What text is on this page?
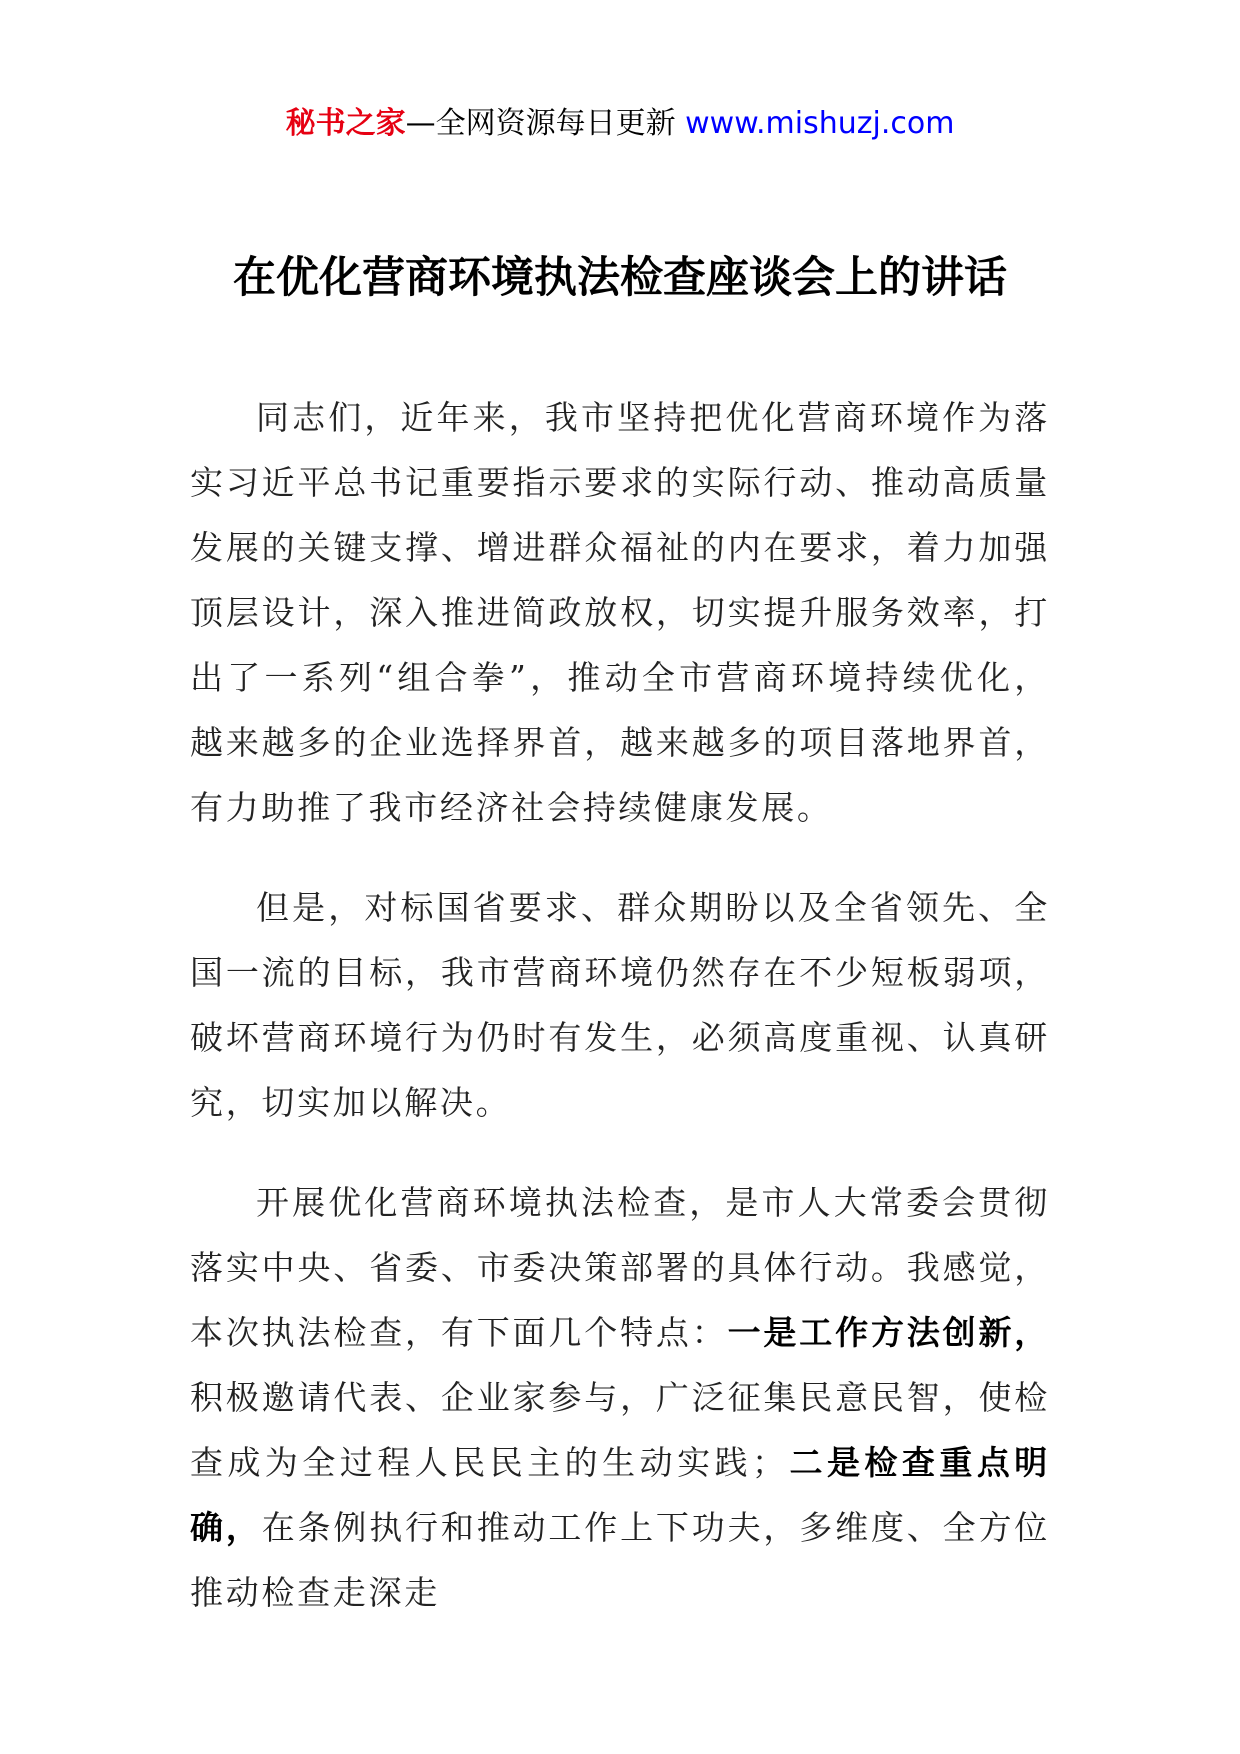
秘书之家—全网资源每日更新 www.mishuzj.com
在优化营商环境执法检查座谈会上的讲话

同志们，近年来，我市坚持把优化营商环境作为落实习近平总书记重要指示要求的实际行动、推动高质量发展的关键支撑、增进群众福祉的内在要求，着力加强顶层设计，深入推进简政放权，切实提升服务效率，打出了一系列“组合拳”，推动全市营商环境持续优化，越来越多的企业选择界首，越来越多的项目落地界首，有力助推了我市经济社会持续健康发展。

但是，对标国省要求、群众期盼以及全省领先、全国一流的目标，我市营商环境仍然存在不少短板弱项，破坏营商环境行为仍时有发生，必须高度重视、认真研究，切实加以解决。

开展优化营商环境执法检查，是市人大常委会贯彻落实中央、省委、市委决策部署的具体行动。我感觉，本次执法检查，有下面几个特点：一是工作方法创新，积极邀请代表、企业家参与，广泛征集民意民智，使检查成为全过程人民民主的生动实践；二是检查重点明确，在条例执行和推动工作上下功夫，多维度、全方位推动检查走深走
